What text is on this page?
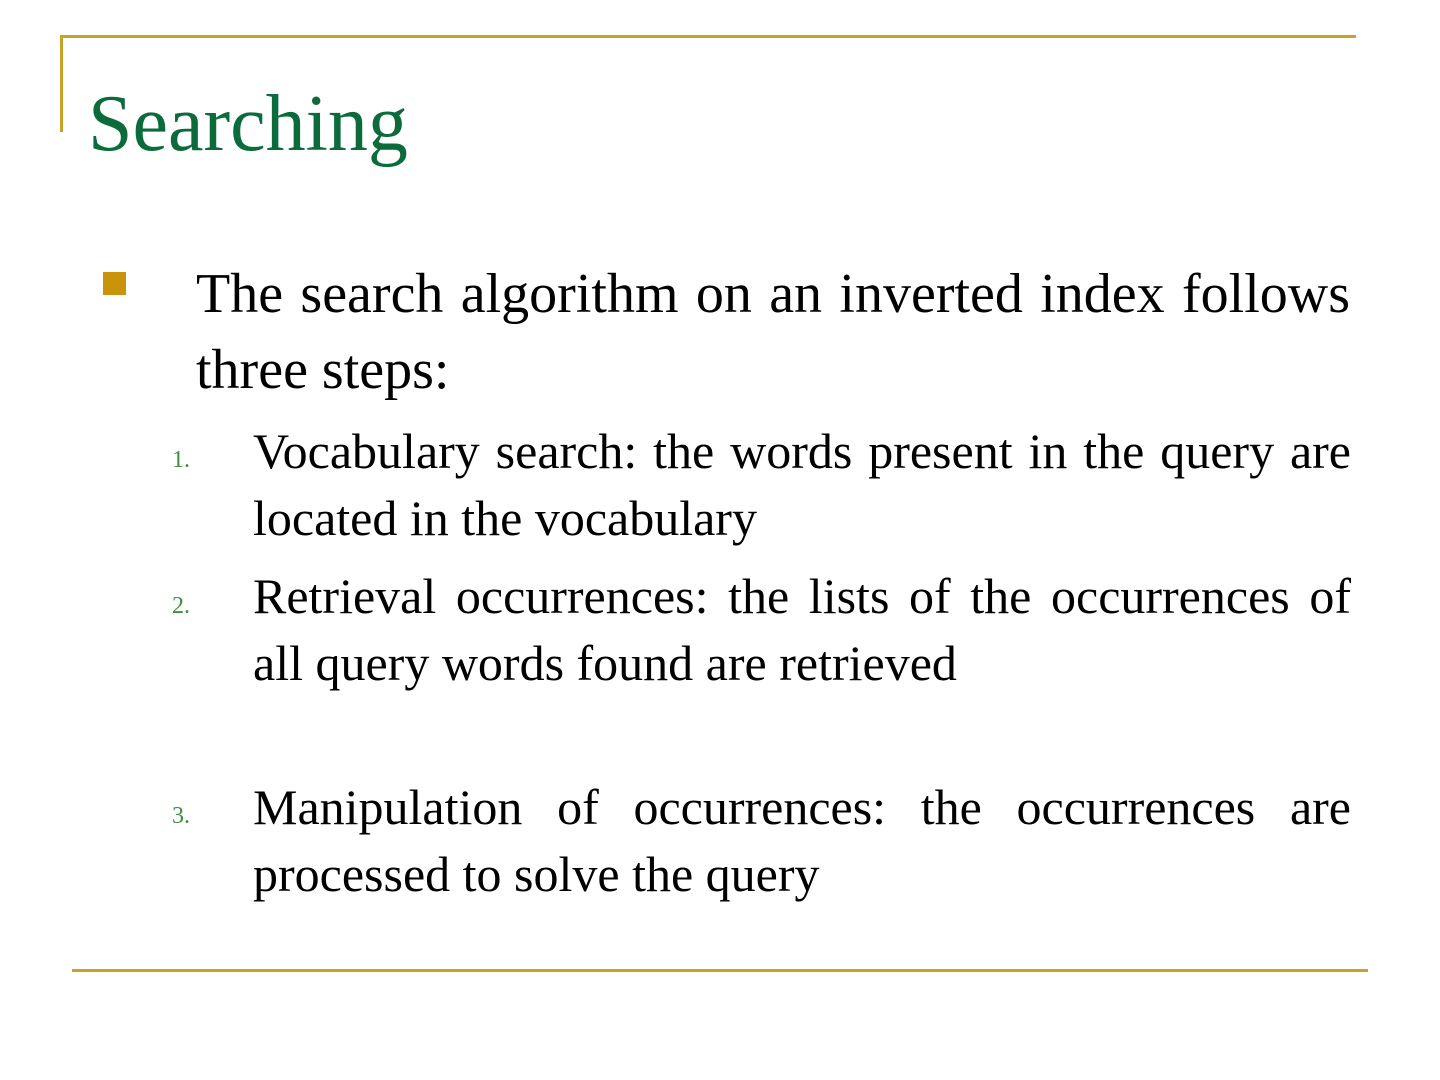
Searching

The search algorithm on an inverted index follows three steps:

1. Vocabulary search: the words present in the query are located in the vocabulary

2. Retrieval occurrences: the lists of the occurrences of all query words found are retrieved

3. Manipulation of occurrences: the occurrences are processed to solve the query
